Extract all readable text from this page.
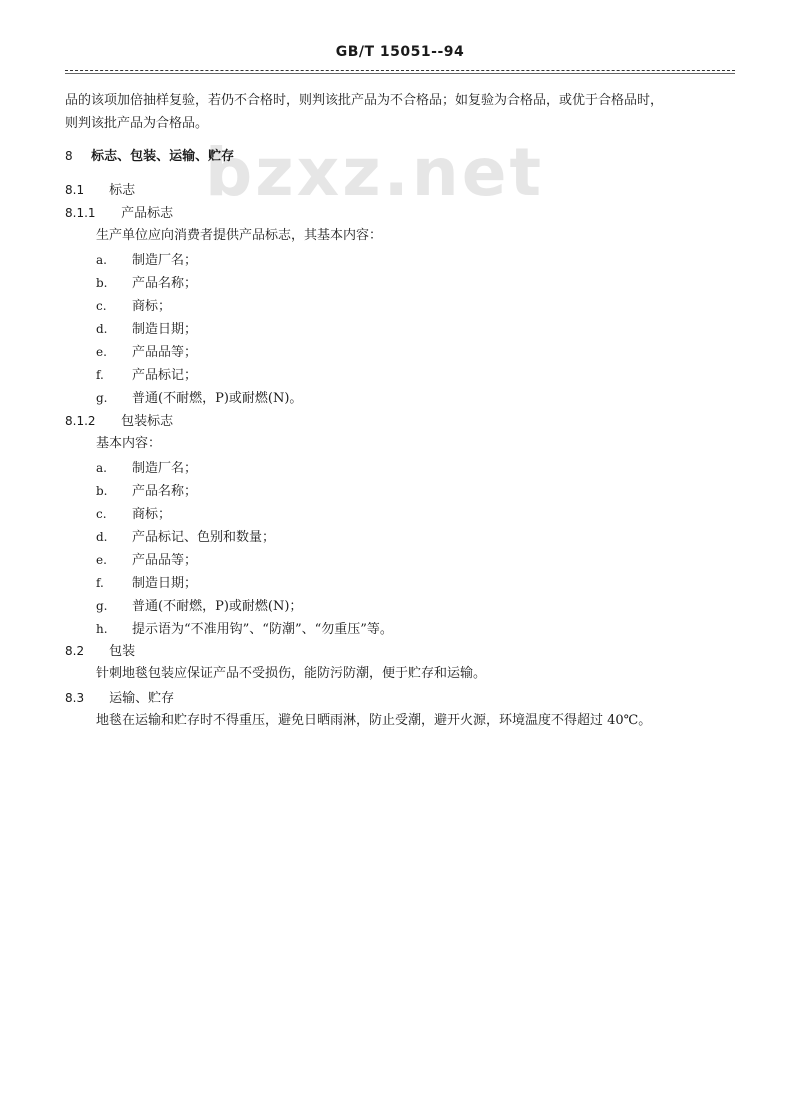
bzxz.net
GB/T 15051--94
品的该项加倍抽样复验，若仍不合格时，则判该批产品为不合格品；如复验为合格品，或优于合格品时，
则判该批产品为合格品。
8 标志、包装、运输、贮存
8.1 标志
8.1.1 产品标志
生产单位应向消费者提供产品标志，其基本内容：
a. 制造厂名；
b. 产品名称；
c. 商标；
d. 制造日期；
e. 产品品等；
f. 产品标记；
g. 普通(不耐燃，P)或耐燃(N)。
8.1.2 包装标志
基本内容：
a. 制造厂名；
b. 产品名称；
c. 商标；
d. 产品标记、色别和数量；
e. 产品品等；
f. 制造日期；
g. 普通(不耐燃，P)或耐燃(N)；
h. 提示语为“不准用钩”、“防潮”、“勿重压”等。
8.2 包装
针刺地毯包装应保证产品不受损伤，能防污防潮，便于贮存和运输。
8.3 运输、贮存
地毯在运输和贮存时不得重压，避免日晒雨淋，防止受潮，避开火源，环境温度不得超过 40℃。
